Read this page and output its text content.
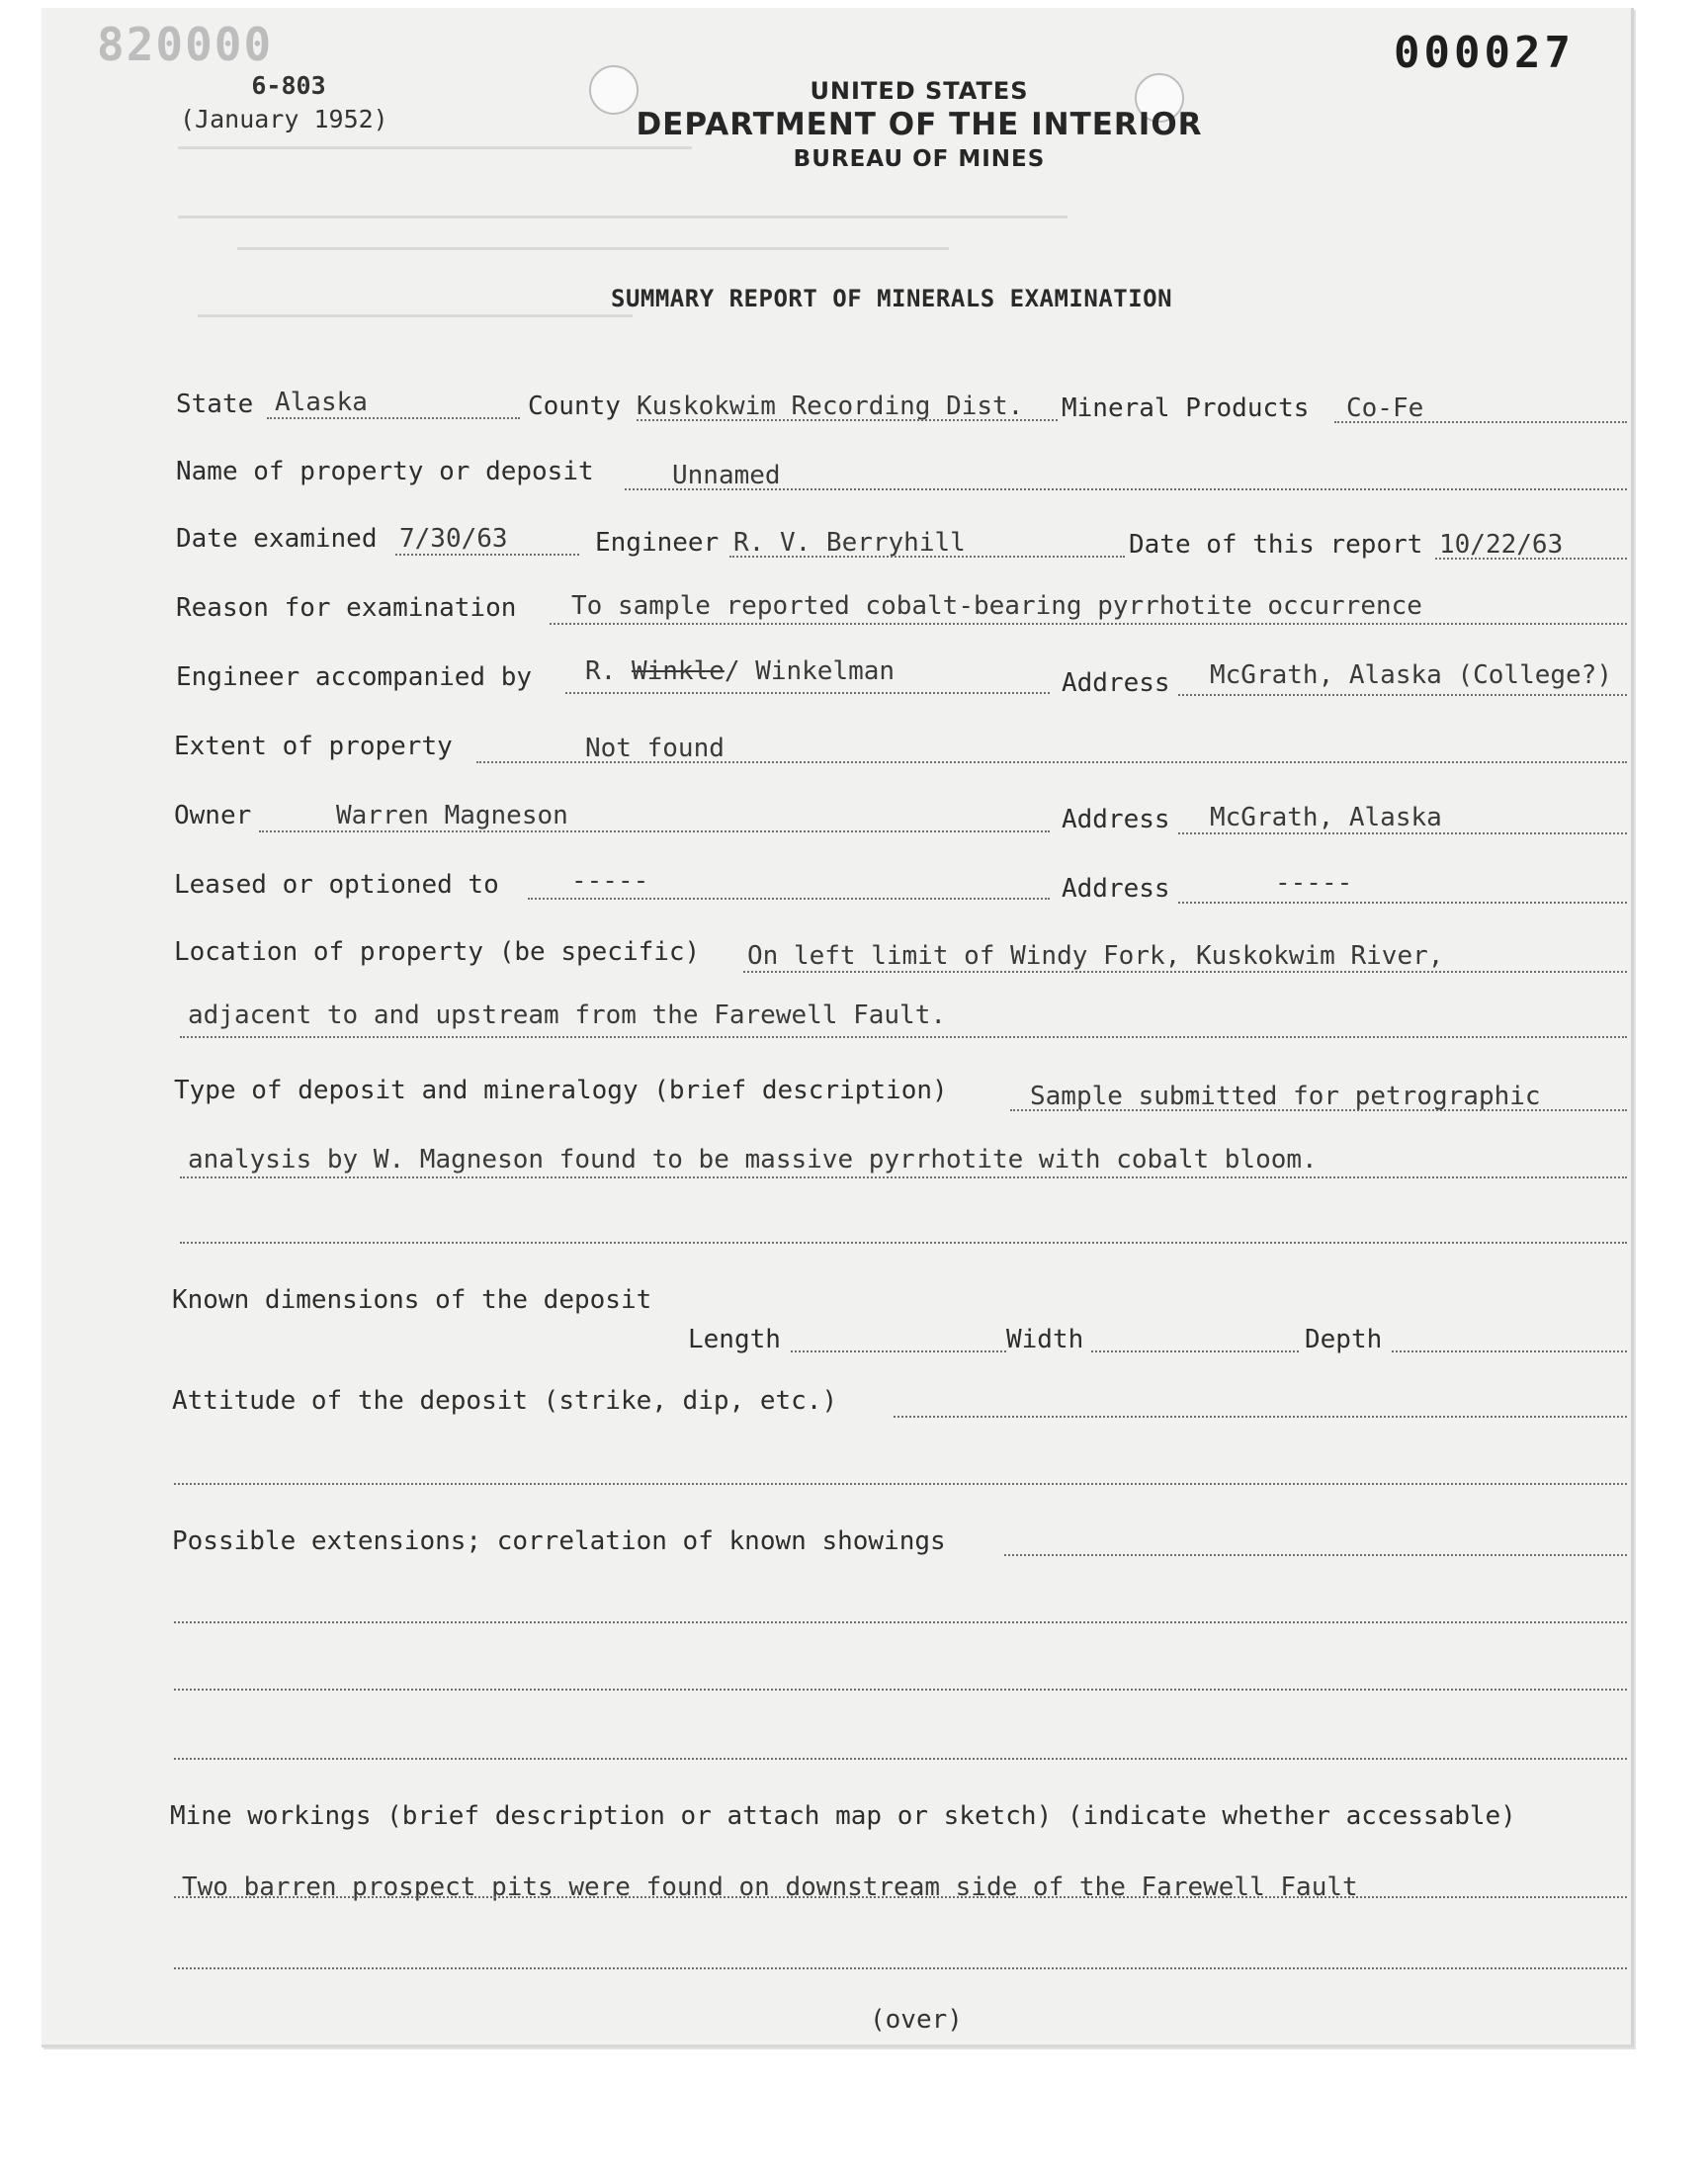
820000	000027
6-803
(January 1952)
UNITED STATES
DEPARTMENT OF THE INTERIOR
BUREAU OF MINES
SUMMARY REPORT OF MINERALS EXAMINATION
State Alaska	County Kuskokwim Recording Dist. Mineral Products Co-Fe
Name of property or deposit	Unnamed
Date examined 7/30/63	Engineer R. V. Berryhill	Date of this report 10/22/63
Reason for examination To sample reported cobalt-bearing pyrrhotite occurrence
Engineer accompanied by R. Winkle/ Winkelman	Address McGrath, Alaska (College?)
Extent of property	Not found
Owner	Warren Magneson	Address McGrath, Alaska
Leased or optioned to	-----	Address	-----
Location of property (be specific) On left limit of Windy Fork, Kuskokwim River,
adjacent to and upstream from the Farewell Fault.
Type of deposit and mineralogy (brief description)	Sample submitted for petrographic
analysis by W. Magneson found to be massive pyrrhotite with cobalt bloom.
Known dimensions of the deposit
Length	Width	Depth
Attitude of the deposit (strike, dip, etc.)
Possible extensions; correlation of known showings
Mine workings (brief description or attach map or sketch) (indicate whether accessable)
Two barren prospect pits were found on downstream side of the Farewell Fault
(over)
